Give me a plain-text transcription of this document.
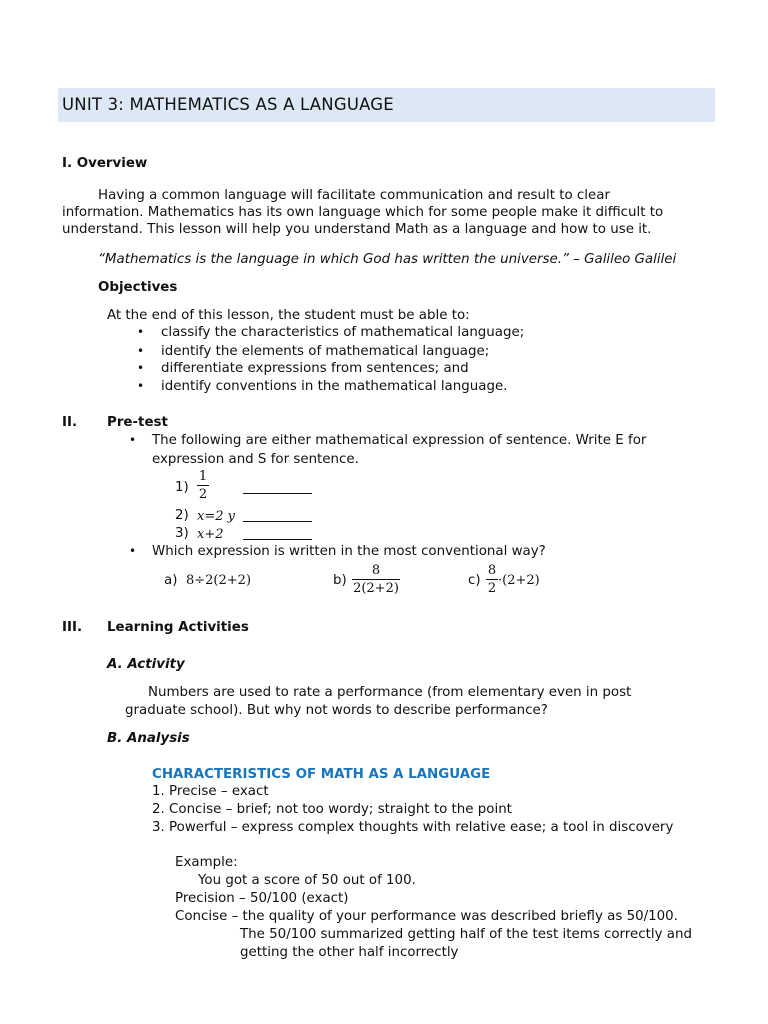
UNIT 3: MATHEMATICS AS A LANGUAGE
I. Overview
Having a common language will facilitate communication and result to clear
information. Mathematics has its own language which for some people make it difficult to
understand. This lesson will help you understand Math as a language and how to use it.
“Mathematics is the language in which God has written the universe.” – Galileo Galilei
Objectives
At the end of this lesson, the student must be able to:
• classify the characteristics of mathematical language;
• identify the elements of mathematical language;
• differentiate expressions from sentences; and
• identify conventions in the mathematical language.
II. Pre-test
• The following are either mathematical expression of sentence. Write E for
expression and S for sentence.
1)
1
2
2) x=2 y
3) x+2
• Which expression is written in the most conventional way?
a) 8÷2(2+2)	b)
8
2(2+2)
c)
8
2
·(2+2)
III. Learning Activities
A. Activity
Numbers are used to rate a performance (from elementary even in post
graduate school). But why not words to describe performance?
B. Analysis
CHARACTERISTICS OF MATH AS A LANGUAGE
1. Precise – exact
2. Concise – brief; not too wordy; straight to the point
3. Powerful – express complex thoughts with relative ease; a tool in discovery
Example:
You got a score of 50 out of 100.
Precision – 50/100 (exact)
Concise – the quality of your performance was described briefly as 50/100.
The 50/100 summarized getting half of the test items correctly and
getting the other half incorrectly
